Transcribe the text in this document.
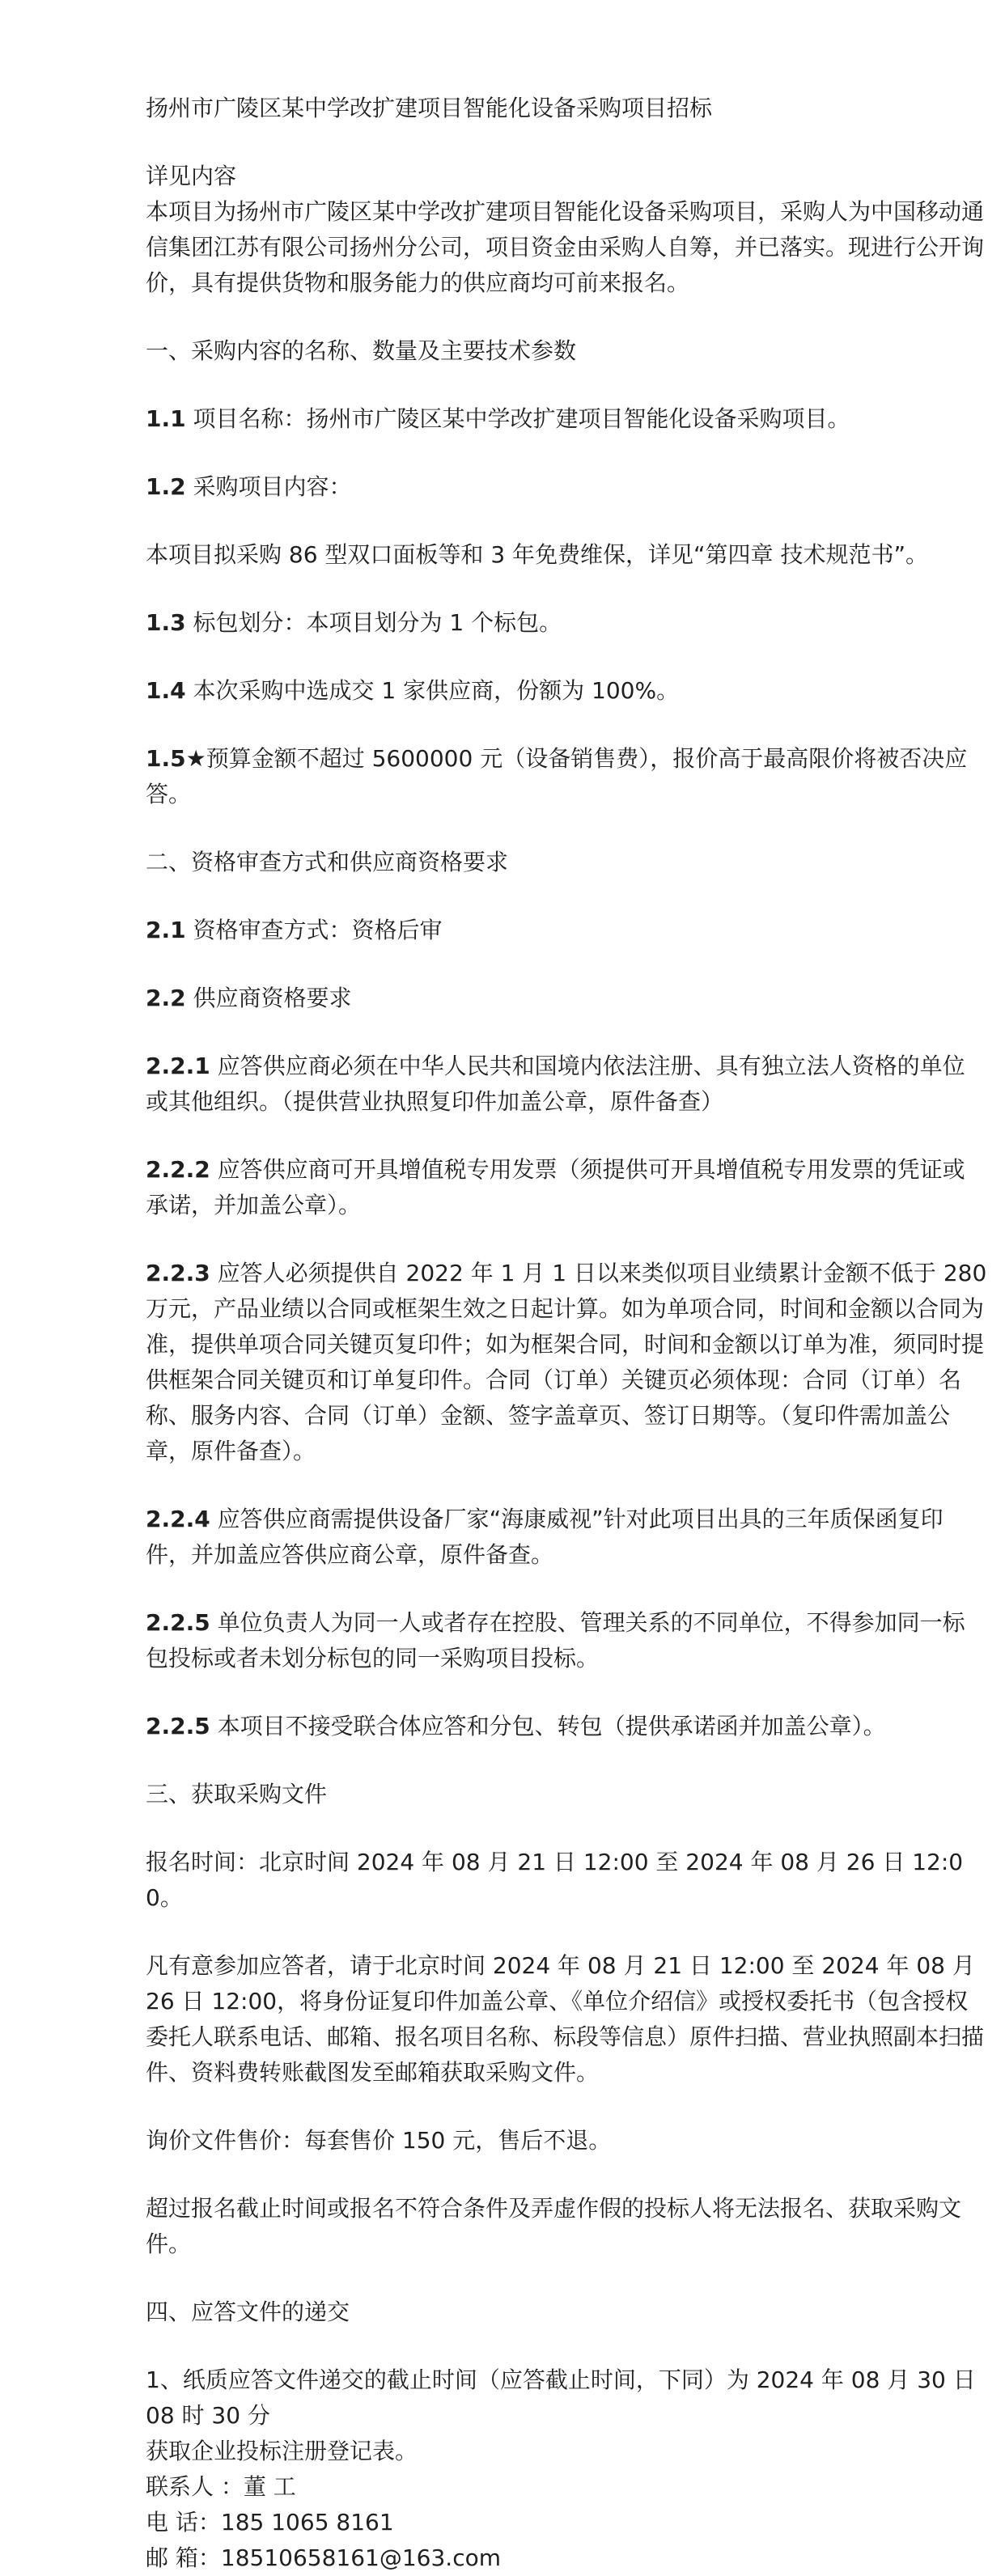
扬州市广陵区某中学改扩建项目智能化设备采购项目招标

详见内容

本项目为扬州市广陵区某中学改扩建项目智能化设备采购项目，采购人为中国移动通信集团江苏有限公司扬州分公司，项目资金由采购人自筹，并已落实。现进行公开询价，具有提供货物和服务能力的供应商均可前来报名。

一、采购内容的名称、数量及主要技术参数

1.1 项目名称：扬州市广陵区某中学改扩建项目智能化设备采购项目。

1.2 采购项目内容：

本项目拟采购 86 型双口面板等和 3 年免费维保，详见“第四章 技术规范书”。

1.3 标包划分：本项目划分为 1 个标包。

1.4 本次采购中选成交 1 家供应商，份额为 100%。

1.5★预算金额不超过 5600000 元（设备销售费），报价高于最高限价将被否决应答。

二、资格审查方式和供应商资格要求

2.1 资格审查方式：资格后审

2.2 供应商资格要求

2.2.1 应答供应商必须在中华人民共和国境内依法注册、具有独立法人资格的单位或其他组织。（提供营业执照复印件加盖公章，原件备查）

2.2.2 应答供应商可开具增值税专用发票（须提供可开具增值税专用发票的凭证或承诺，并加盖公章）。

2.2.3 应答人必须提供自 2022 年 1 月 1 日以来类似项目业绩累计金额不低于 280 万元，产品业绩以合同或框架生效之日起计算。如为单项合同，时间和金额以合同为准，提供单项合同关键页复印件；如为框架合同，时间和金额以订单为准，须同时提供框架合同关键页和订单复印件。合同（订单）关键页必须体现：合同（订单）名称、服务内容、合同（订单）金额、签字盖章页、签订日期等。（复印件需加盖公章，原件备查）。

2.2.4 应答供应商需提供设备厂家“海康威视”针对此项目出具的三年质保函复印件，并加盖应答供应商公章，原件备查。

2.2.5 单位负责人为同一人或者存在控股、管理关系的不同单位，不得参加同一标包投标或者未划分标包的同一采购项目投标。

2.2.5 本项目不接受联合体应答和分包、转包（提供承诺函并加盖公章）。

三、获取采购文件

报名时间：北京时间 2024 年 08 月 21 日 12:00 至 2024 年 08 月 26 日 12:00。

凡有意参加应答者，请于北京时间 2024 年 08 月 21 日 12:00 至 2024 年 08 月 26 日 12:00，将身份证复印件加盖公章、《单位介绍信》或授权委托书（包含授权委托人联系电话、邮箱、报名项目名称、标段等信息）原件扫描、营业执照副本扫描件、资料费转账截图发至邮箱获取采购文件。

询价文件售价：每套售价 150 元，售后不退。

超过报名截止时间或报名不符合条件及弄虚作假的投标人将无法报名、获取采购文件。

四、应答文件的递交

1、纸质应答文件递交的截止时间（应答截止时间，下同）为 2024 年 08 月 30 日 08 时 30 分

获取企业投标注册登记表。

联系人 ：董 工

电 话：185 1065 8161

邮 箱：18510658161@163.com
